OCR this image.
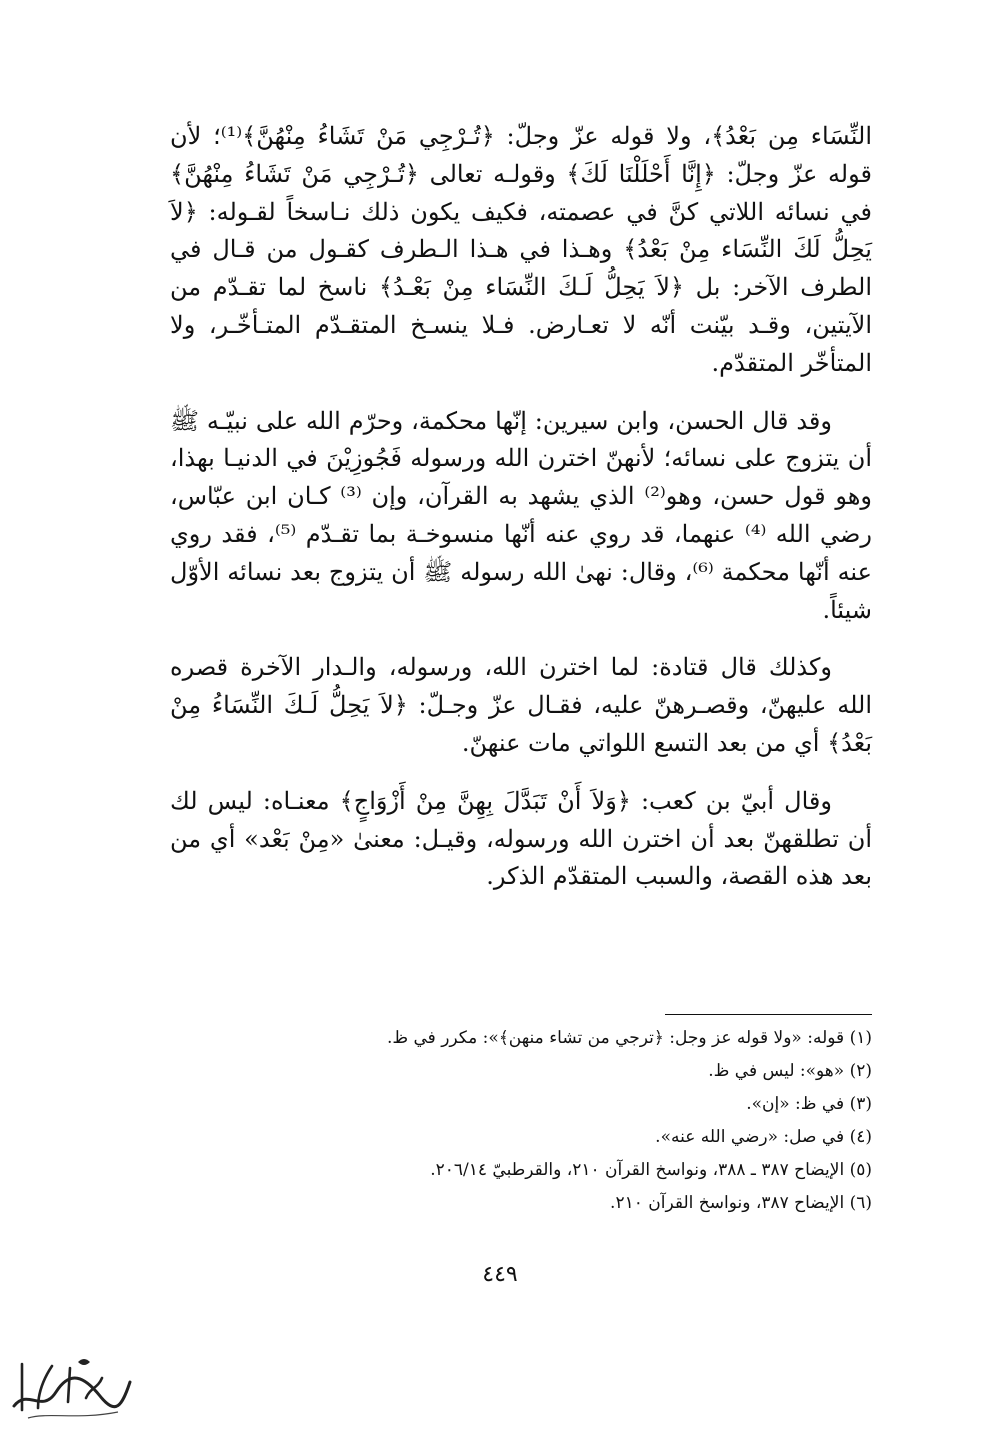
النِّسَاء مِن بَعْدُ﴾، ولا قوله عزّ وجلّ: ﴿تُـرْجِي مَنْ تَشَاءُ مِنْهُنَّ﴾⁽¹⁾؛ لأن قوله عزّ وجلّ: ﴿إِنَّا أَحْلَلْنَا لَكَ﴾ وقولـه تعالى ﴿تُـرْجِي مَنْ تَشَاءُ مِنْهُنَّ﴾ في نسائه اللاتي كنَّ في عصمته، فكيف يكون ذلك نـاسخاً لقـوله: ﴿لاَ يَحِلُّ لَكَ النِّسَاء مِنْ بَعْدُ﴾ وهـذا في هـذا الـطرف كقـول من قـال في الطرف الآخر: بل ﴿لاَ يَحِلُّ لَـكَ النِّسَاء مِنْ بَعْـدُ﴾ ناسخ لما تقـدّم من الآيتين، وقـد بيّنت أنّه لا تعـارض. فـلا ينسـخ المتقـدّم المتـأخّـر، ولا المتأخّر المتقدّم.

وقد قال الحسن، وابن سيرين: إنّها محكمة، وحرّم الله على نبيّـه ﷺ أن يتزوج على نسائه؛ لأنهنّ اخترن الله ورسوله فَجُوزِيْنَ في الدنيـا بهذا، وهو قول حسن، وهو⁽²⁾ الذي يشهد به القرآن، وإن ⁽³⁾ كـان ابن عبّاس، رضي الله ⁽⁴⁾ عنهما، قد روي عنه أنّها منسوخـة بما تقـدّم ⁽⁵⁾، فقد روي عنه أنّها محكمة ⁽⁶⁾، وقال: نهىٰ الله رسوله ﷺ أن يتزوج بعد نسائه الأوّل شيئاً.

وكذلك قال قتادة: لما اخترن الله، ورسوله، والـدار الآخرة قصره الله عليهنّ، وقصـرهنّ عليه، فقـال عزّ وجـلّ: ﴿لاَ يَحِلُّ لَـكَ النِّسَاءُ مِنْ بَعْدُ﴾ أي من بعد التسع اللواتي مات عنهنّ.

وقال أبيّ بن كعب: ﴿وَلاَ أَنْ تَبَدَّلَ بِهِنَّ مِنْ أَزْوَاجٍ﴾ معنـاه: ليس لك أن تطلقهنّ بعد أن اخترن الله ورسوله، وقيـل: معنىٰ «مِنْ بَعْد» أي من بعد هذه القصة، والسبب المتقدّم الذكر.

(١) قوله: «ولا قوله عز وجل: ﴿ترجي من تشاء منهن﴾»: مكرر في ظ.
(٢) «هو»: ليس في ظ.
(٣) في ظ: «إن».
(٤) في صل: «رضي الله عنه».
(٥) الإيضاح ٣٨٧ ـ ٣٨٨، ونواسخ القرآن ٢١٠، والقرطبيّ ٢٠٦/١٤.
(٦) الإيضاح ٣٨٧، ونواسخ القرآن ٢١٠.
٤٤٩
